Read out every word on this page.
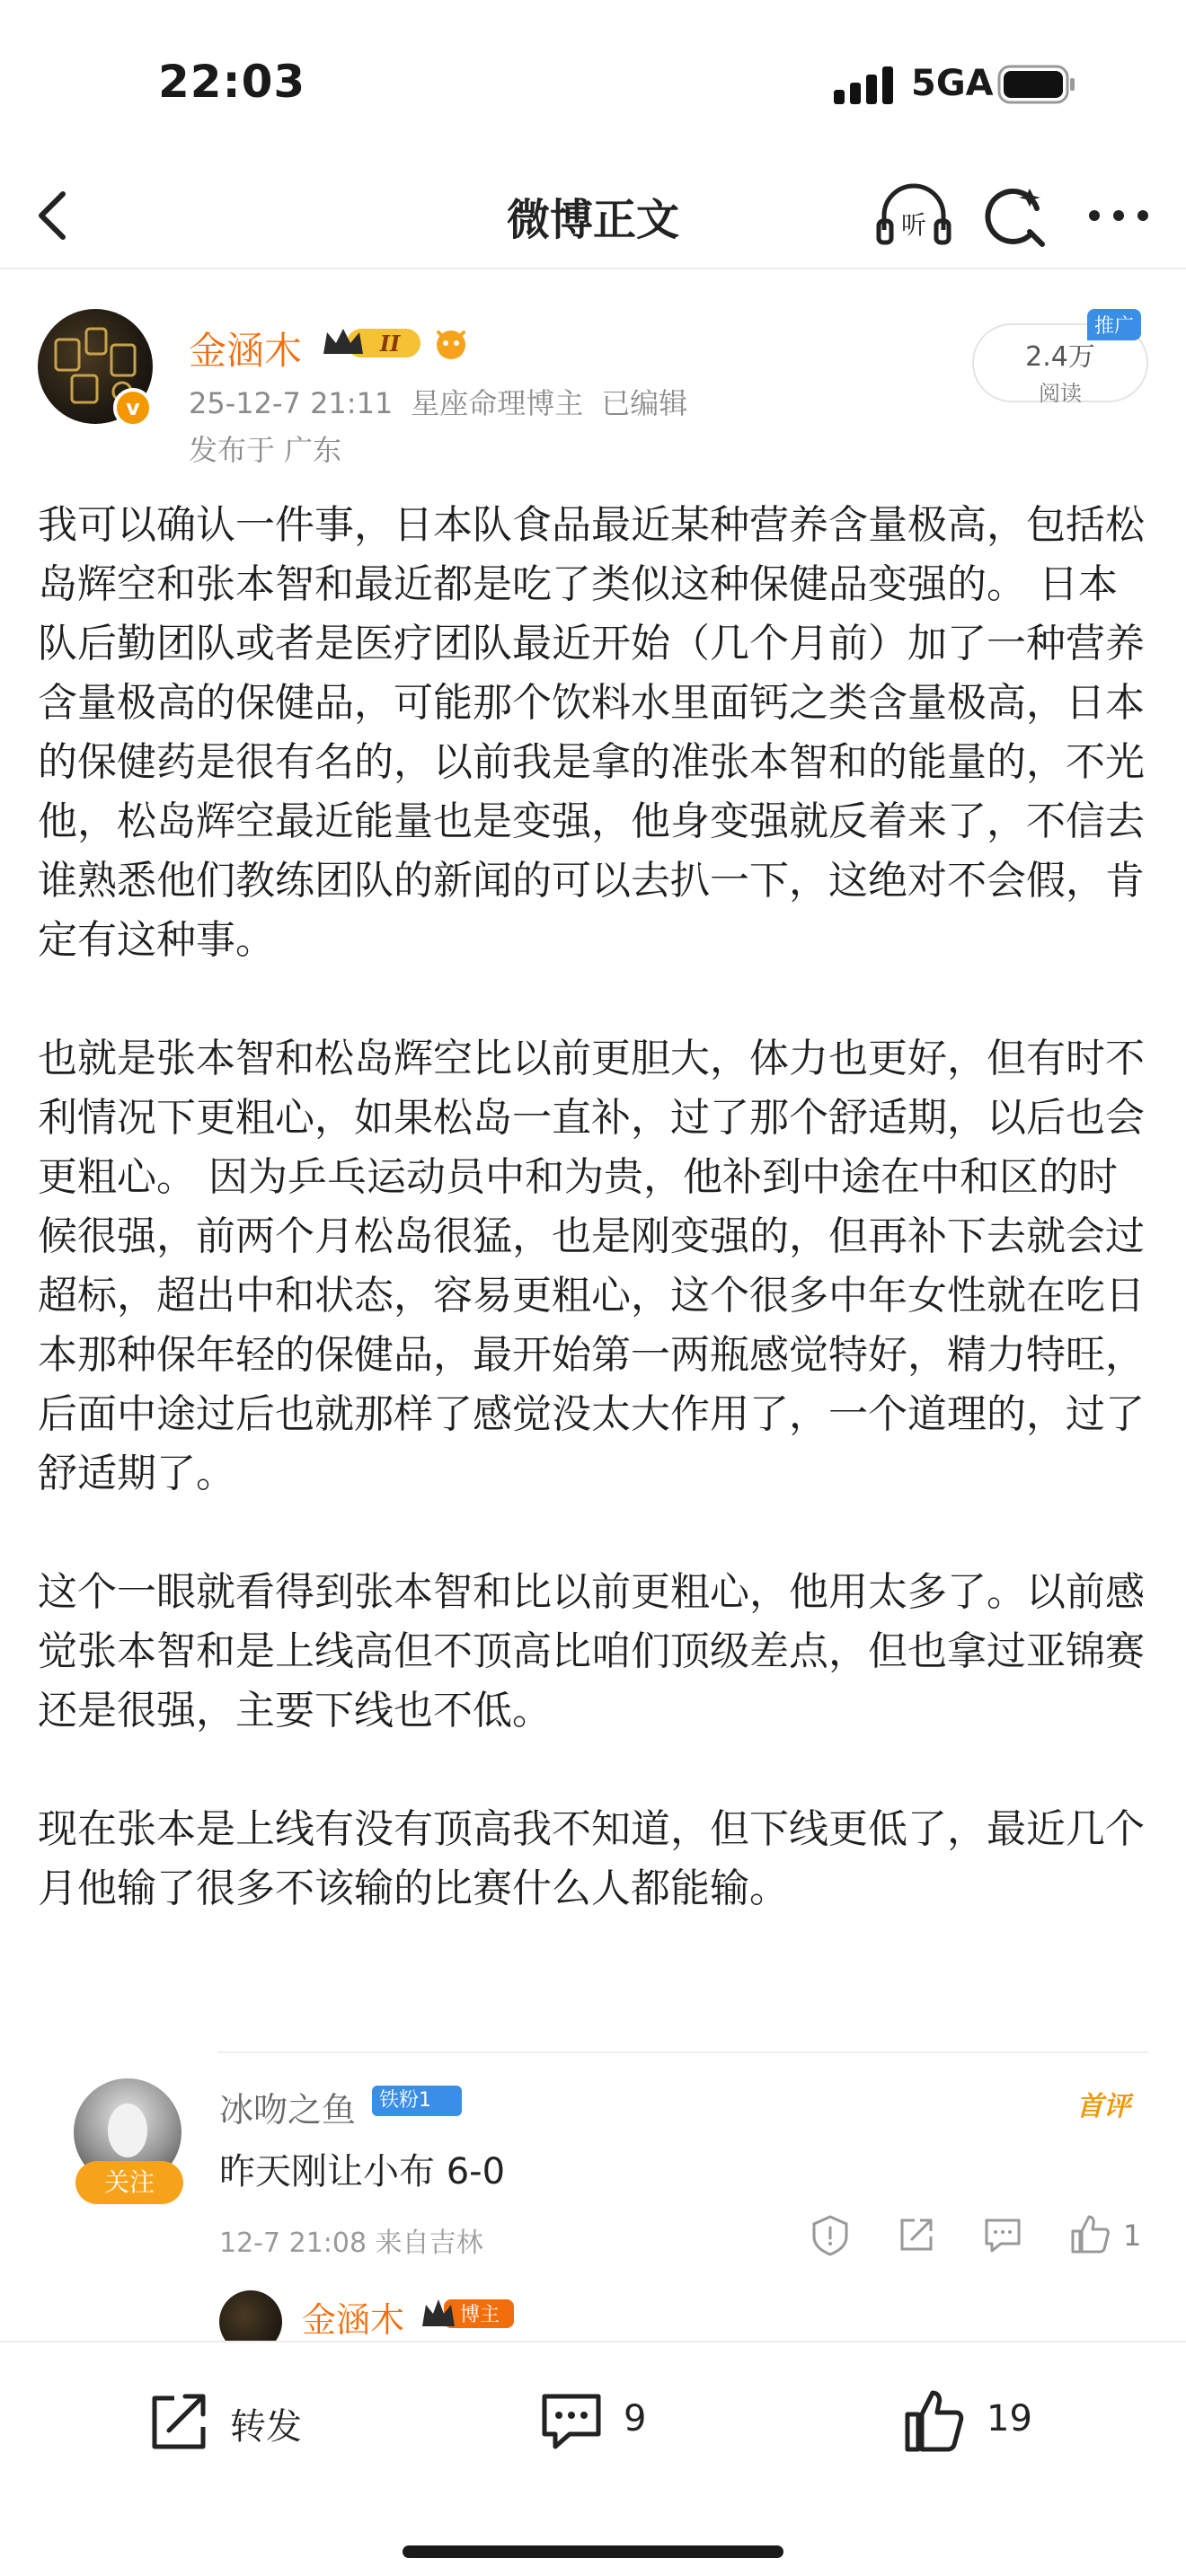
22:03	5GA
微博正文	听
v
金涵木	II
25-12-7 21:11 星座命理博主 已编辑
发布于 广东
2.4万
阅读
推广

我可以确认一件事，日本队食品最近某种营养含量极高，包括松岛辉空和张本智和最近都是吃了类似这种保健品变强的。 日本队后勤团队或者是医疗团队最近开始（几个月前）加了一种营养含量极高的保健品，可能那个饮料水里面钙之类含量极高，日本的保健药是很有名的，以前我是拿的准张本智和的能量的，不光他，松岛辉空最近能量也是变强，他身变强就反着来了，不信去谁熟悉他们教练团队的新闻的可以去扒一下，这绝对不会假，肯定有这种事。

也就是张本智和松岛辉空比以前更胆大，体力也更好，但有时不利情况下更粗心，如果松岛一直补，过了那个舒适期，以后也会更粗心。 因为乒乓运动员中和为贵，他补到中途在中和区的时候很强，前两个月松岛很猛，也是刚变强的，但再补下去就会过超标，超出中和状态，容易更粗心，这个很多中年女性就在吃日本那种保年轻的保健品，最开始第一两瓶感觉特好，精力特旺，后面中途过后也就那样了感觉没太大作用了，一个道理的，过了舒适期了。

这个一眼就看得到张本智和比以前更粗心，他用太多了。以前感觉张本智和是上线高但不顶高比咱们顶级差点，但也拿过亚锦赛还是很强，主要下线也不低。

现在张本是上线有没有顶高我不知道，但下线更低了，最近几个月他输了很多不该输的比赛什么人都能输。

关注
冰吻之鱼	铁粉1	首评
昨天刚让小布 6-0
12-7 21:08 来自吉林	1
金涵木	博主
转发	9	19
